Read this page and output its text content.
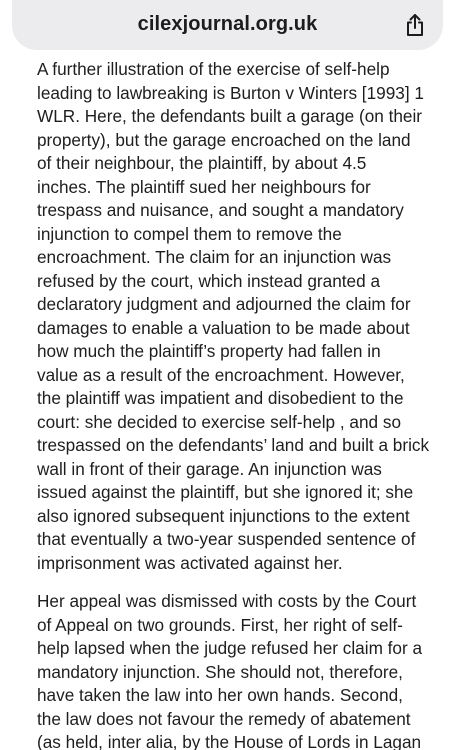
cilexjournal.org.uk

A further illustration of the exercise of self-help
leading to lawbreaking is Burton v Winters [1993] 1
WLR. Here, the defendants built a garage (on their
property), but the garage encroached on the land
of their neighbour, the plaintiff, by about 4.5
inches. The plaintiff sued her neighbours for
trespass and nuisance, and sought a mandatory
injunction to compel them to remove the
encroachment. The claim for an injunction was
refused by the court, which instead granted a
declaratory judgment and adjourned the claim for
damages to enable a valuation to be made about
how much the plaintiff’s property had fallen in
value as a result of the encroachment. However,
the plaintiff was impatient and disobedient to the
court: she decided to exercise self-help , and so
trespassed on the defendants’ land and built a brick
wall in front of their garage. An injunction was
issued against the plaintiff, but she ignored it; she
also ignored subsequent injunctions to the extent
that eventually a two-year suspended sentence of
imprisonment was activated against her.

Her appeal was dismissed with costs by the Court
of Appeal on two grounds. First, her right of self-
help lapsed when the judge refused her claim for a
mandatory injunction. She should not, therefore,
have taken the law into her own hands. Second,
the law does not favour the remedy of abatement
(as held, inter alia, by the House of Lords in Lagan
